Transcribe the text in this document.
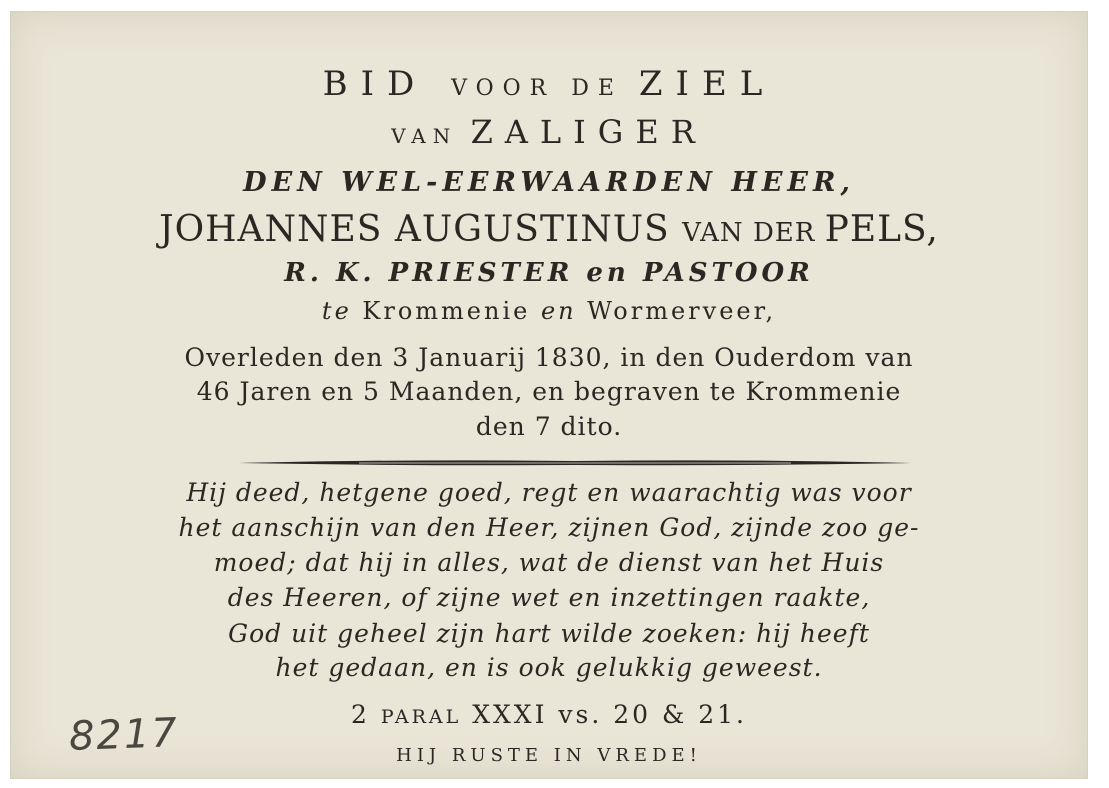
BID VOOR DE ZIEL
VAN ZALIGER
DEN WEL-EERWAARDEN HEER,
JOHANNES AUGUSTINUS VAN DER PELS,
R. K. PRIESTER en PASTOOR
te Krommenie en Wormerveer,
Overleden den 3 Januarij 1830, in den Ouderdom van
46 Jaren en 5 Maanden, en begraven te Krommenie
den 7 dito.
Hij deed, hetgene goed, regt en waarachtig was voor
het aanschijn van den Heer, zijnen God, zijnde zoo ge-
moed; dat hij in alles, wat de dienst van het Huis
des Heeren, of zijne wet en inzettingen raakte,
God uit geheel zijn hart wilde zoeken: hij heeft
het gedaan, en is ook gelukkig geweest.
2 PARAL XXXI vs. 20 & 21.
HIJ RUSTE IN VREDE!
8217
